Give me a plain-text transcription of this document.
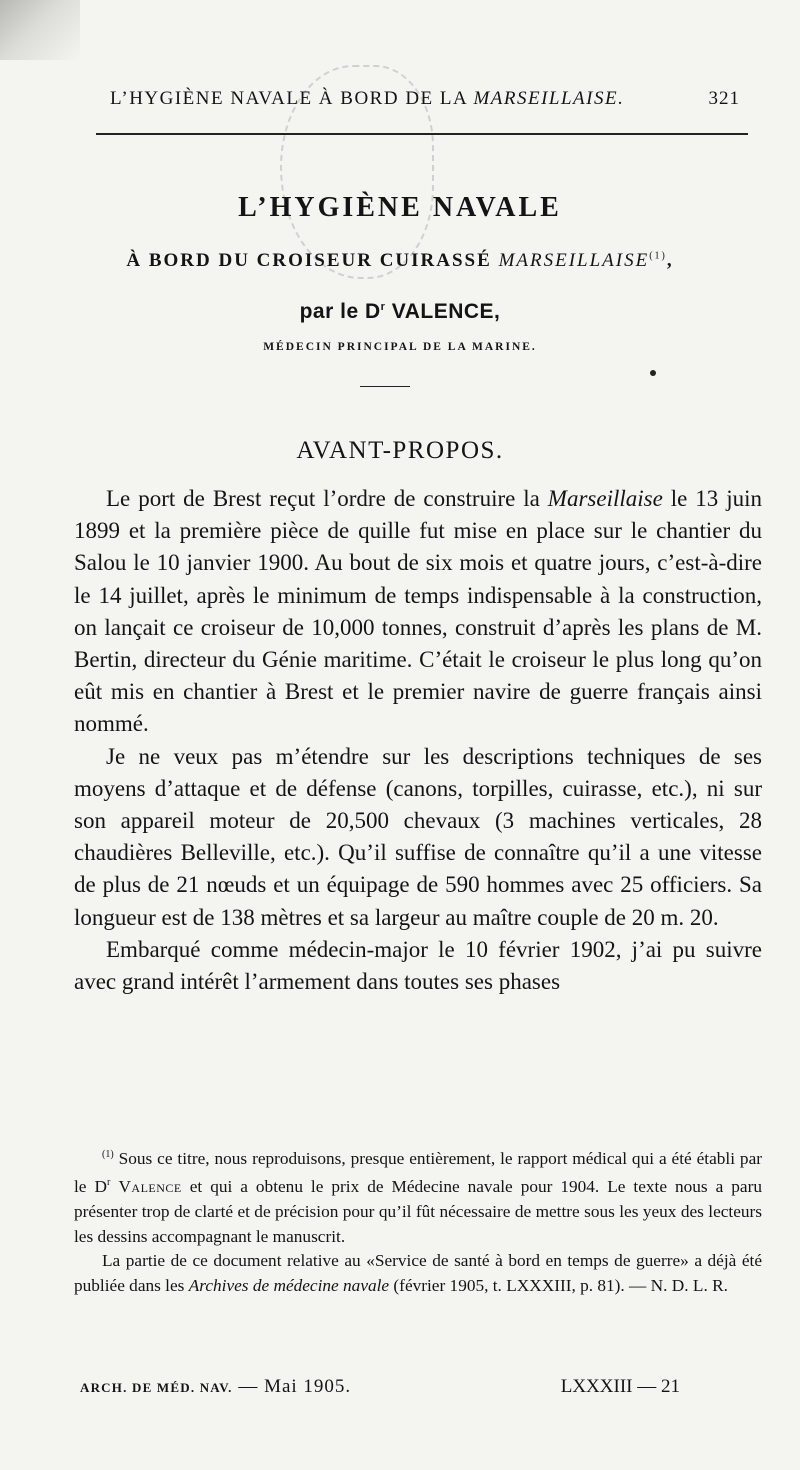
L’HYGIÈNE NAVALE À BORD DE LA MARSEILLAISE.	321
L’HYGIÈNE NAVALE
À BORD DU CROISEUR CUIRASSÉ MARSEILLAISE$^{(1)}$,
par le $D^r$ VALENCE,
MÉDECIN PRINCIPAL DE LA MARINE.
AVANT-PROPOS.

Le port de Brest reçut l’ordre de construire la Marseillaise le 13 juin 1899 et la première pièce de quille fut mise en place sur le chantier du Salou le 10 janvier 1900. Au bout de six mois et quatre jours, c’est-à-dire le 14 juillet, après le minimum de temps indispensable à la construction, on lançait ce croiseur de 10,000 tonnes, construit d’après les plans de M. Bertin, directeur du Génie maritime. C’était le croiseur le plus long qu’on eût mis en chantier à Brest et le premier navire de guerre français ainsi nommé.

Je ne veux pas m’étendre sur les descriptions techniques de ses moyens d’attaque et de défense (canons, torpilles, cuirasse, etc.), ni sur son appareil moteur de 20,500 chevaux (3 machines verticales, 28 chaudières Belleville, etc.). Qu’il suffise de connaître qu’il a une vitesse de plus de 21 nœuds et un équipage de 590 hommes avec 25 officiers. Sa longueur est de 138 mètres et sa largeur au maître couple de 20 m. 20.

Embarqué comme médecin-major le 10 février 1902, j’ai pu suivre avec grand intérêt l’armement dans toutes ses phases

$^{(1)}$ Sous ce titre, nous reproduisons, presque entièrement, le rapport médical qui a été établi par le $D^r$ Valence et qui a obtenu le prix de Médecine navale pour 1904. Le texte nous a paru présenter trop de clarté et de précision pour qu’il fût nécessaire de mettre sous les yeux des lecteurs les dessins accompagnant le manuscrit.

La partie de ce document relative au «Service de santé à bord en temps de guerre» a déjà été publiée dans les Archives de médecine navale (février 1905, t. LXXXIII, p. 81). — N. D. L. R.

ARCH. DE MÉD. NAV. — Mai 1905.	LXXXIII — 21
